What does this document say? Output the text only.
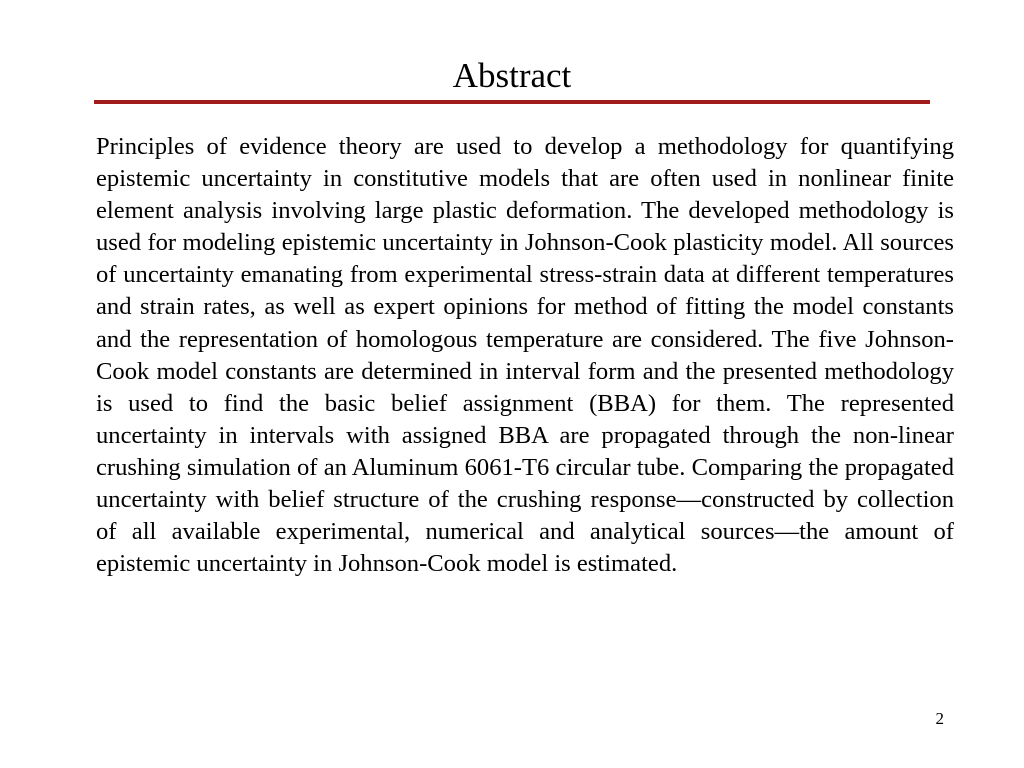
Abstract

Principles of evidence theory are used to develop a methodology for quantifying epistemic uncertainty in constitutive models that are often used in nonlinear finite element analysis involving large plastic deformation. The developed methodology is used for modeling epistemic uncertainty in Johnson-Cook plasticity model. All sources of uncertainty emanating from experimental stress-strain data at different temperatures and strain rates, as well as expert opinions for method of fitting the model constants and the representation of homologous temperature are considered. The five Johnson-Cook model constants are determined in interval form and the presented methodology is used to find the basic belief assignment (BBA) for them. The represented uncertainty in intervals with assigned BBA are propagated through the non-linear crushing simulation of an Aluminum 6061-T6 circular tube. Comparing the propagated uncertainty with belief structure of the crushing response—constructed by collection of all available experimental, numerical and analytical sources—the amount of epistemic uncertainty in Johnson-Cook model is estimated.

2
